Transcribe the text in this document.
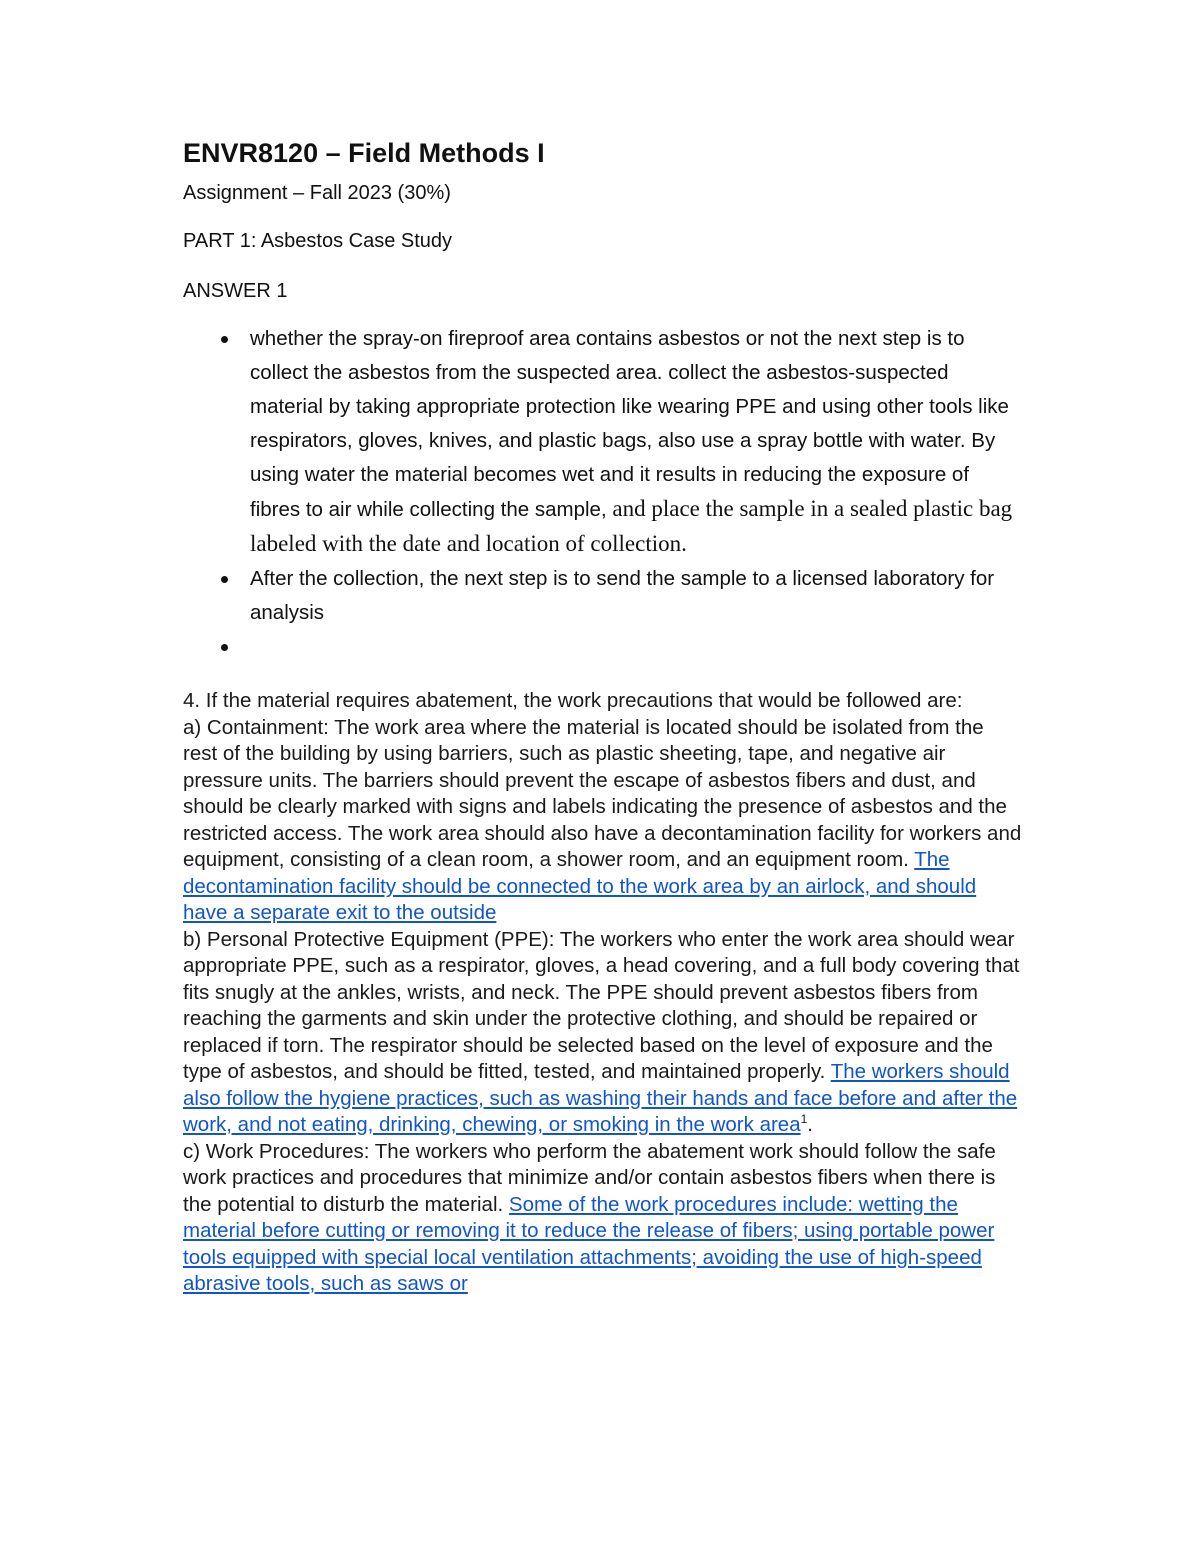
ENVR8120 – Field Methods I
Assignment – Fall 2023 (30%)
PART 1: Asbestos Case Study
ANSWER 1
whether the spray-on fireproof area contains asbestos or not the next step is to collect the asbestos from the suspected area. collect the asbestos-suspected material by taking appropriate protection like wearing PPE and using other tools like respirators, gloves, knives, and plastic bags, also use a spray bottle with water. By using water the material becomes wet and it results in reducing the exposure of fibres to air while collecting the sample, and place the sample in a sealed plastic bag labeled with the date and location of collection.
After the collection, the next step is to send the sample to a licensed laboratory for analysis

4. If the material requires abatement, the work precautions that would be followed are:

a) Containment: The work area where the material is located should be isolated from the rest of the building by using barriers, such as plastic sheeting, tape, and negative air pressure units. The barriers should prevent the escape of asbestos fibers and dust, and should be clearly marked with signs and labels indicating the presence of asbestos and the restricted access. The work area should also have a decontamination facility for workers and equipment, consisting of a clean room, a shower room, and an equipment room. The decontamination facility should be connected to the work area by an airlock, and should have a separate exit to the outside

b) Personal Protective Equipment (PPE): The workers who enter the work area should wear appropriate PPE, such as a respirator, gloves, a head covering, and a full body covering that fits snugly at the ankles, wrists, and neck. The PPE should prevent asbestos fibers from reaching the garments and skin under the protective clothing, and should be repaired or replaced if torn. The respirator should be selected based on the level of exposure and the type of asbestos, and should be fitted, tested, and maintained properly. The workers should also follow the hygiene practices, such as washing their hands and face before and after the work, and not eating, drinking, chewing, or smoking in the work area$^1$.

c) Work Procedures: The workers who perform the abatement work should follow the safe work practices and procedures that minimize and/or contain asbestos fibers when there is the potential to disturb the material. Some of the work procedures include: wetting the material before cutting or removing it to reduce the release of fibers; using portable power tools equipped with special local ventilation attachments; avoiding the use of high-speed abrasive tools, such as saws or
